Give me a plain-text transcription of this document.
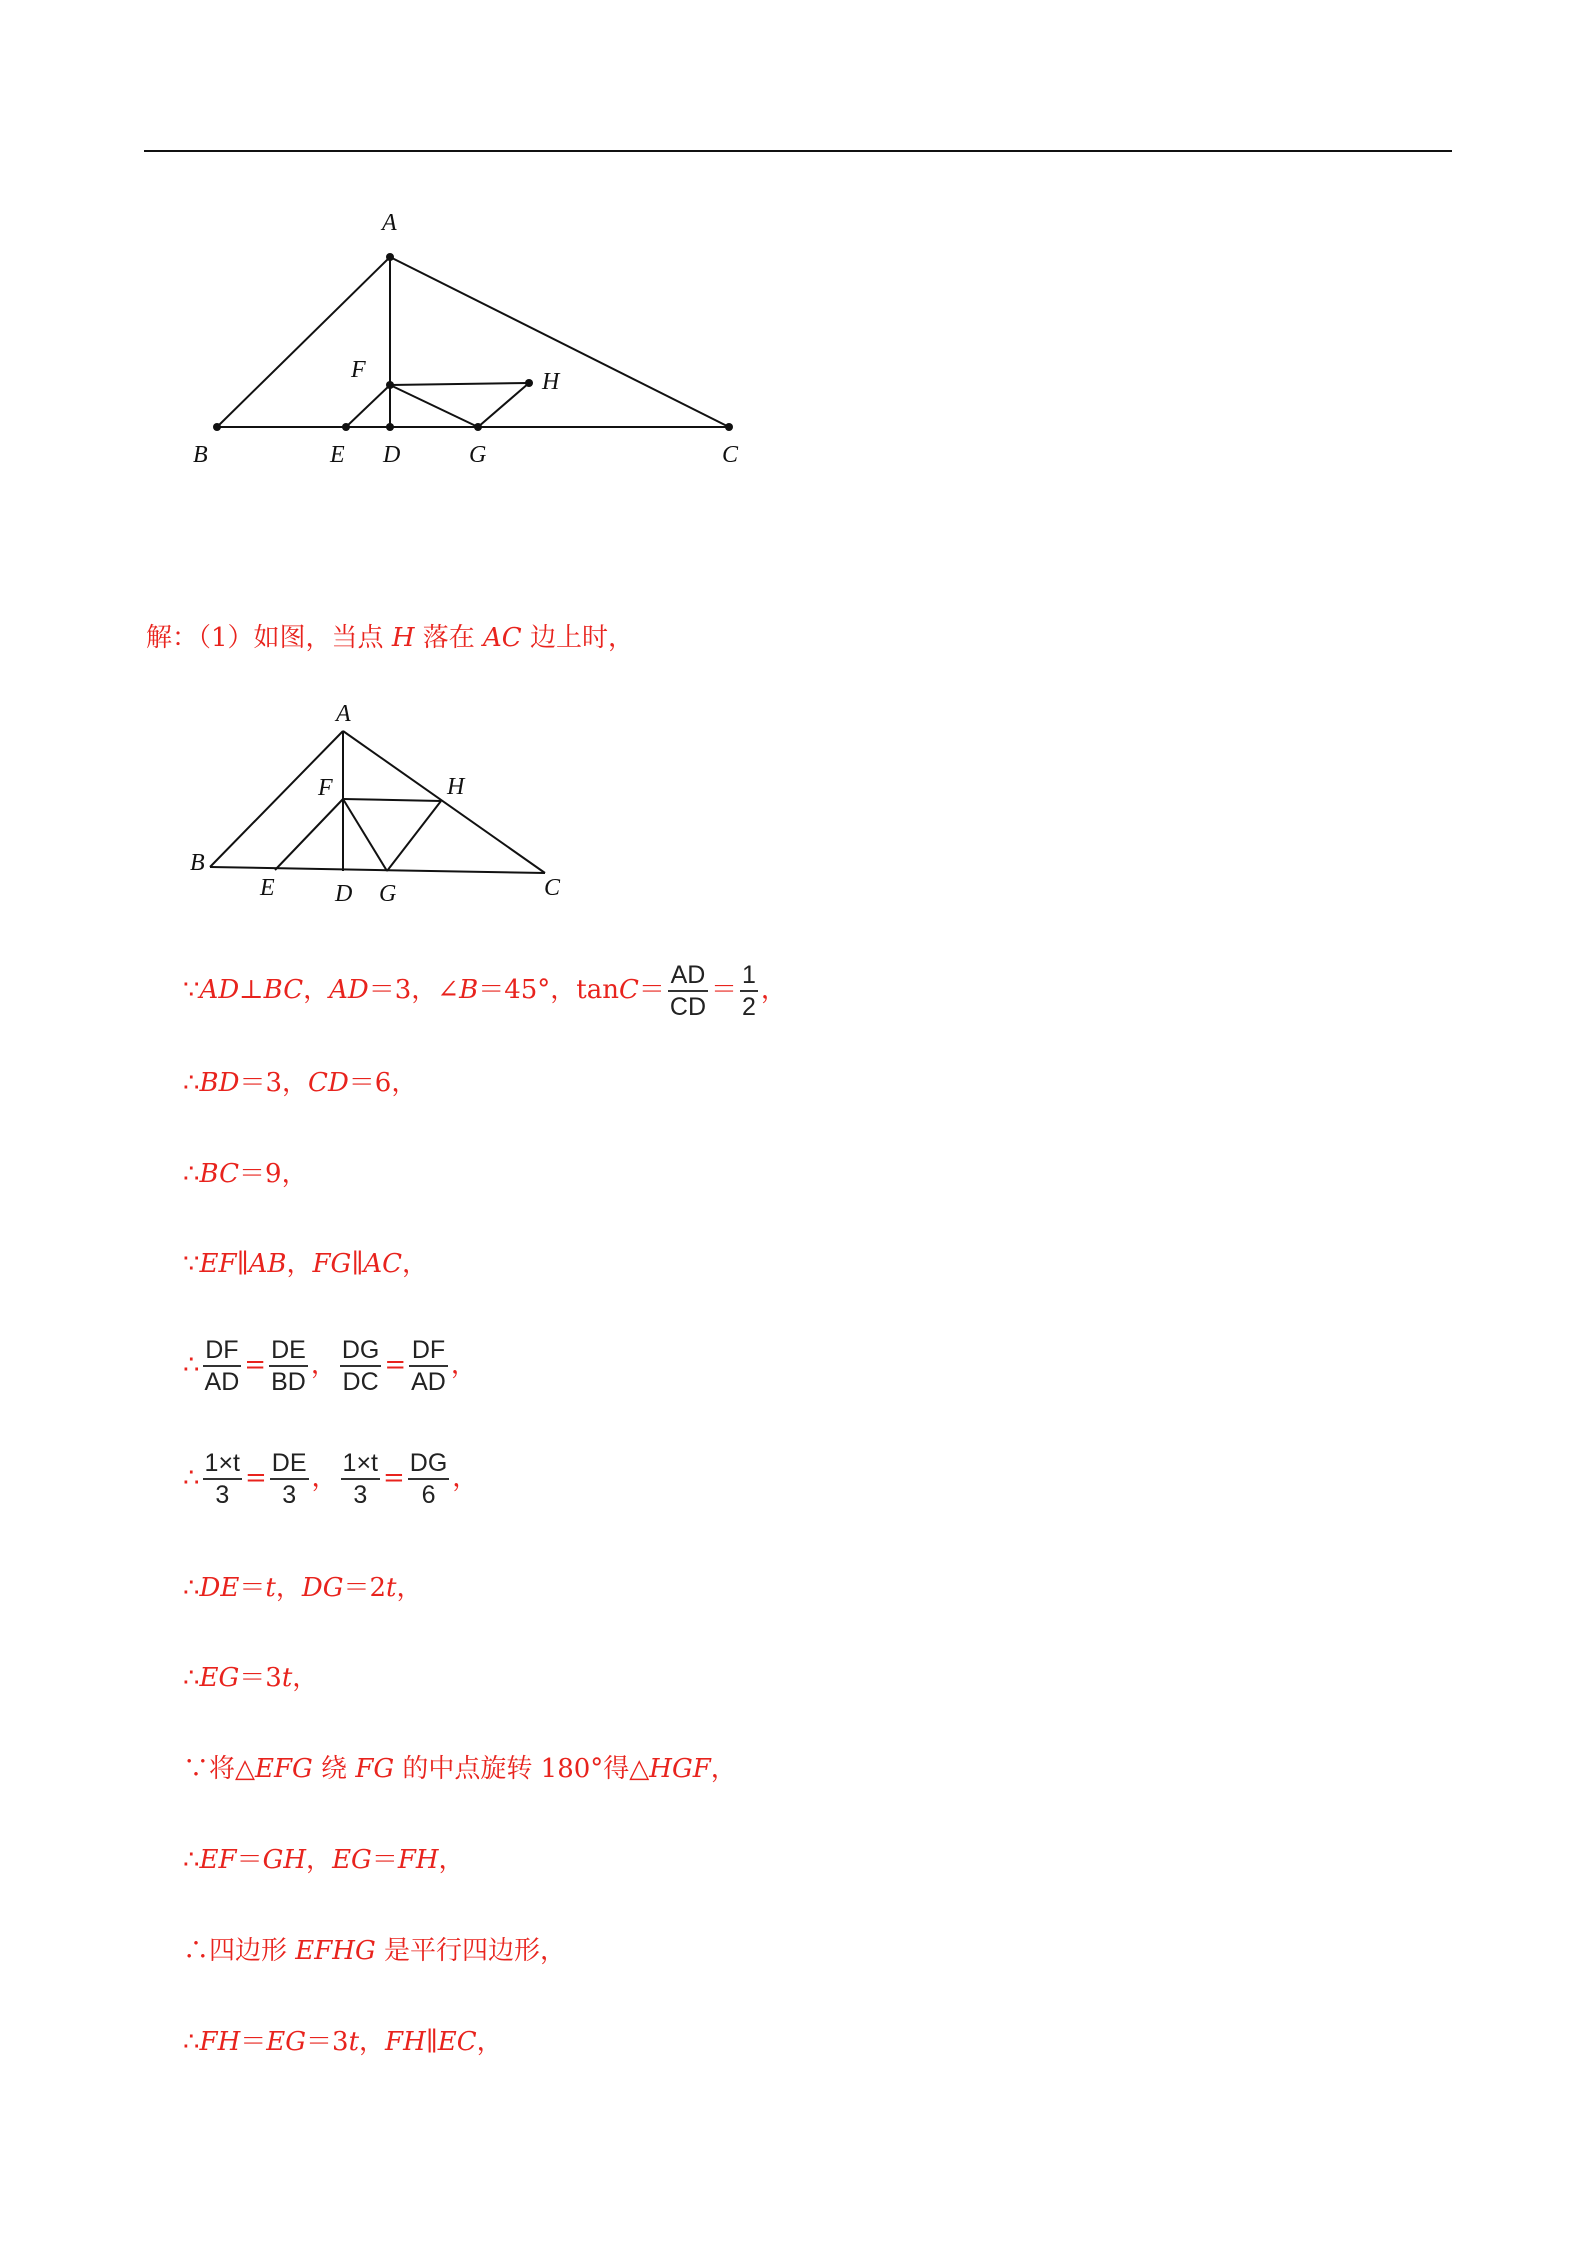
A
B	C
D
E
F
G
H
解：（1）如图，当点 H 落在 AC 边上时，
A
B
C
D
E
F
G
H
∵AD⊥BC，AD＝3，∠B＝45°，$\tan C= \frac{AD}{CD} = \frac{1}{2}$ ，
∴BD＝3，CD＝6，
∴BC＝9，
∵EF∥AB，FG∥AC，
∴ $\frac{DF}{AD} = \frac{DE}{BD}$ ， $\frac{DG}{DC} = \frac{DF}{AD}$ ，
∴ $\frac{1\times t}{3} = \frac{DE}{3}$ ， $\frac{1\times t}{3} = \frac{DG}{6}$ ，
∴DE＝t，DG＝2t，
∴EG＝3t，
∵将△EFG 绕 FG 的中点旋转 180°得△HGF，
∴EF＝GH，EG＝FH，
∴四边形 EFHG 是平行四边形，
∴FH＝EG＝3t，FH∥EC，
